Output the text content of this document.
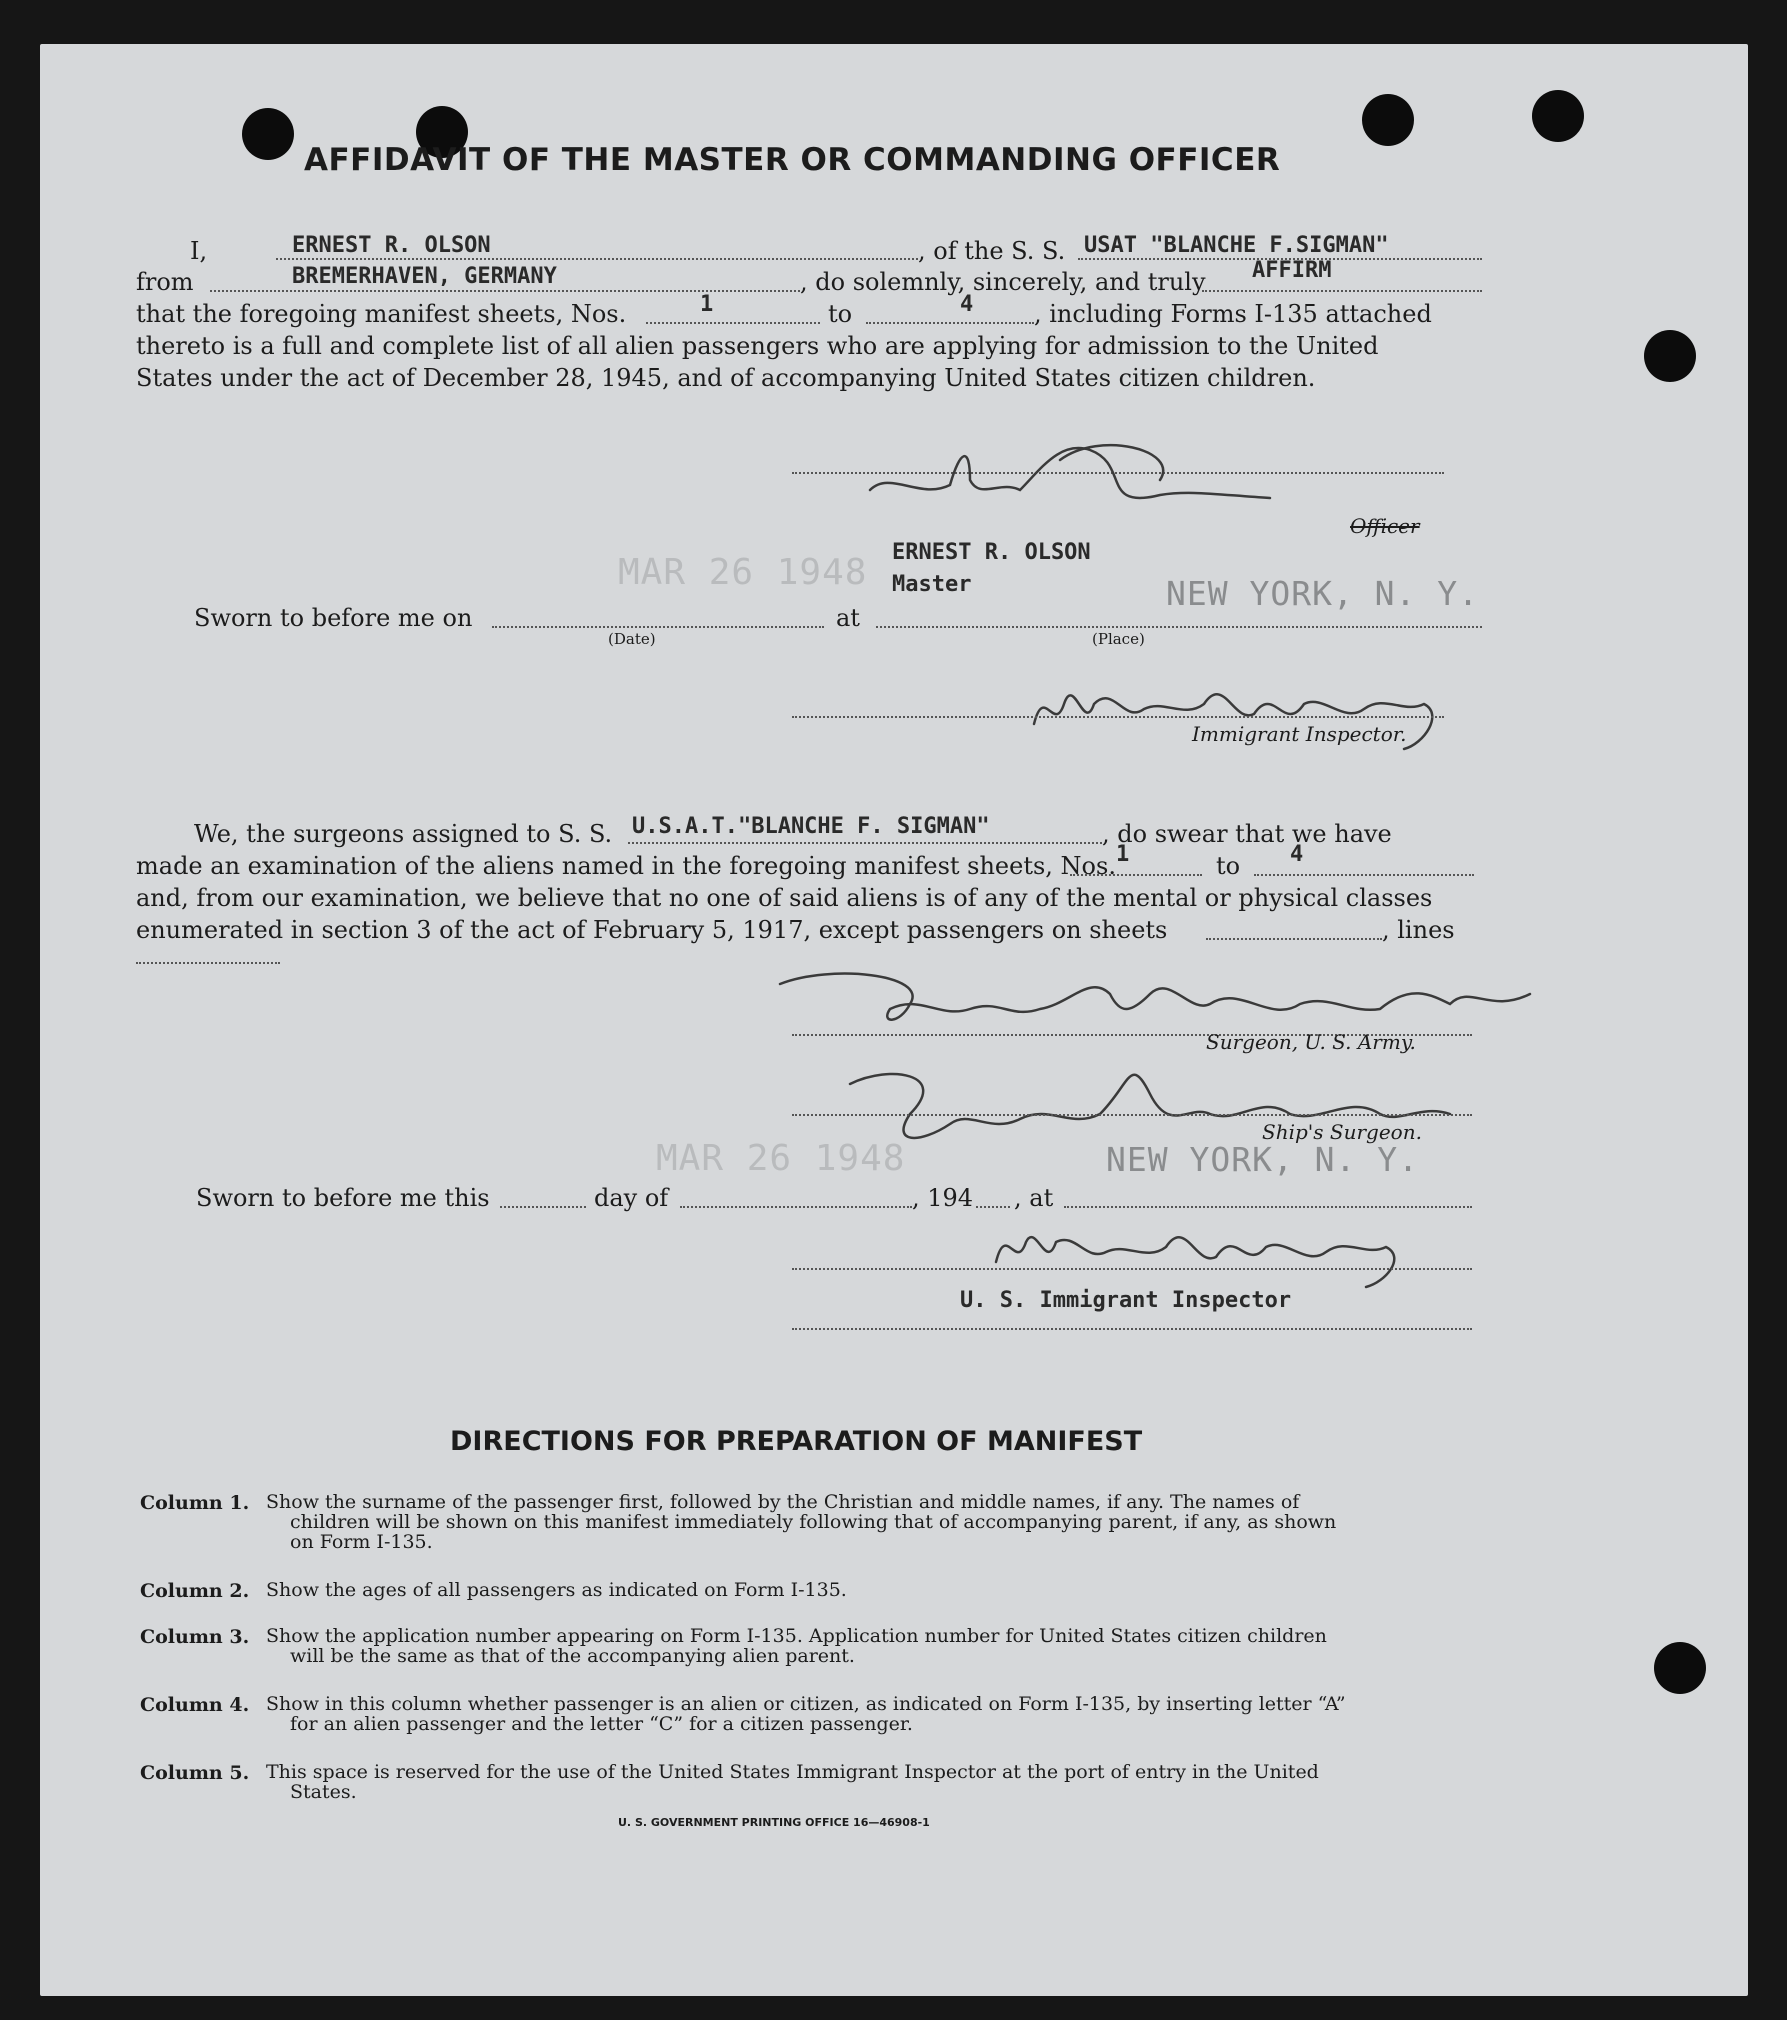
AFFIDAVIT OF THE MASTER OR COMMANDING OFFICER
I,	ERNEST R. OLSON	, of the S. S. USAT "BLANCHE F.SIGMAN"
from	BREMERHAVEN, GERMANY	, do solemnly, sincerely, and truly AFFIRM
that the foregoing manifest sheets, Nos.	1	to	4	, including Forms I-135 attached
thereto is a full and complete list of all alien passengers who are applying for admission to the United
States under the act of December 28, 1945, and of accompanying United States citizen children.
Officer
ERNEST R. OLSON
Master
Sworn to before me on
MAR 26 1948
at
NEW YORK, N. Y.
(Date)	(Place)
Immigrant Inspector.
We, the surgeons assigned to S. S. U.S.A.T."BLANCHE F. SIGMAN"	, do swear that we have
made an examination of the aliens named in the foregoing manifest sheets, Nos. 1	to 4
and, from our examination, we believe that no one of said aliens is of any of the mental or physical classes
enumerated in section 3 of the act of February 5, 1917, except passengers on sheets	, lines
Surgeon, U. S. Army.
Ship's Surgeon.
MAR 26 1948	NEW YORK, N. Y.
Sworn to before me this	day of	, 194 , at
U. S. Immigrant Inspector
DIRECTIONS FOR PREPARATION OF MANIFEST
Column 1. Show the surname of the passenger first, followed by the Christian and middle names, if any. The names of
children will be shown on this manifest immediately following that of accompanying parent, if any, as shown
on Form I-135.
Column 2. Show the ages of all passengers as indicated on Form I-135.
Column 3. Show the application number appearing on Form I-135. Application number for United States citizen children
will be the same as that of the accompanying alien parent.
Column 4. Show in this column whether passenger is an alien or citizen, as indicated on Form I-135, by inserting letter “A”
for an alien passenger and the letter “C” for a citizen passenger.
Column 5. This space is reserved for the use of the United States Immigrant Inspector at the port of entry in the United
States.
U. S. GOVERNMENT PRINTING OFFICE 16—46908-1
